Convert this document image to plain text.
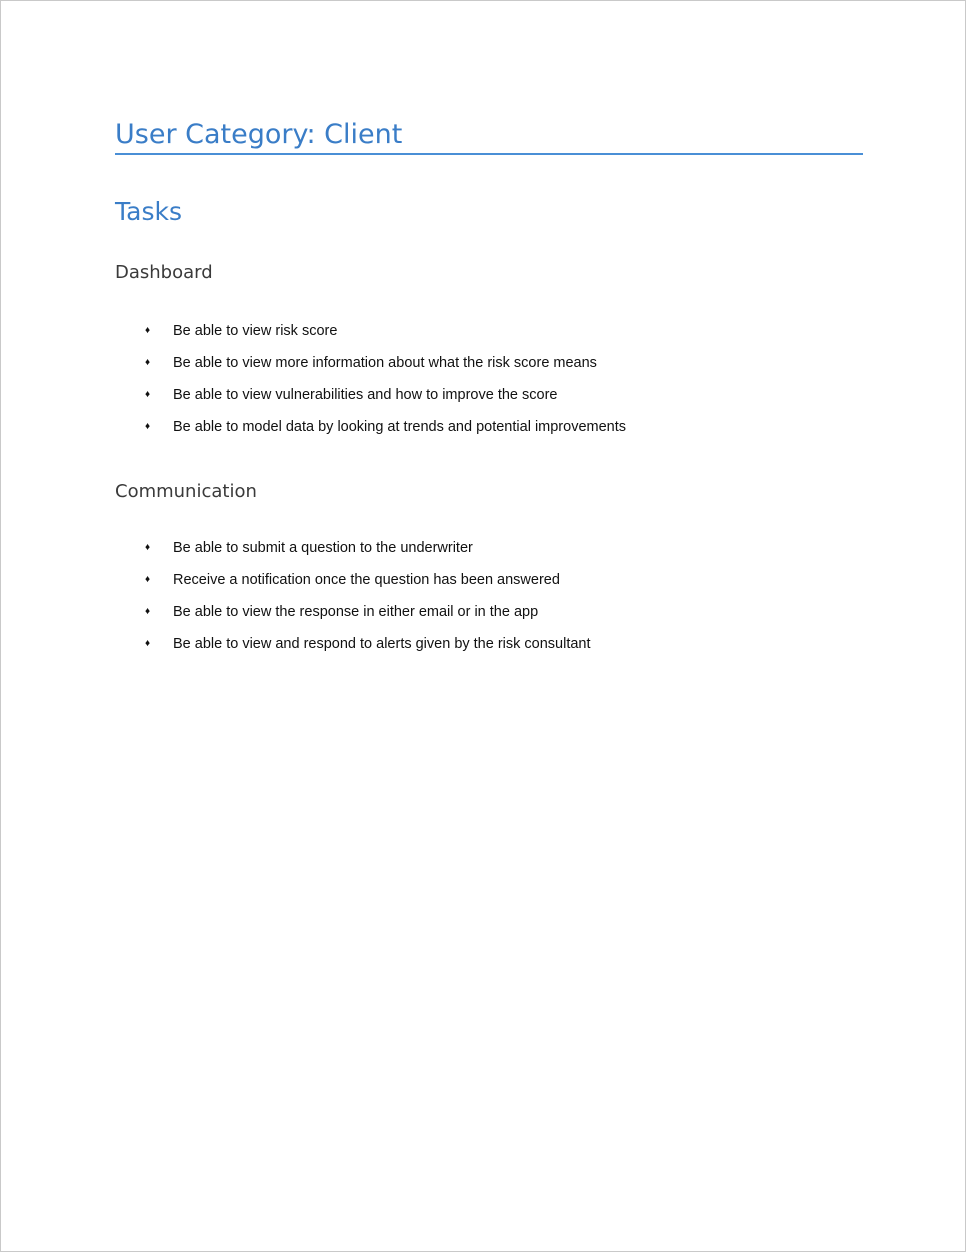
User Category: Client
Tasks
Dashboard
♦ Be able to view risk score
♦ Be able to view more information about what the risk score means
♦ Be able to view vulnerabilities and how to improve the score
♦ Be able to model data by looking at trends and potential improvements
Communication
♦ Be able to submit a question to the underwriter
♦ Receive a notification once the question has been answered
♦ Be able to view the response in either email or in the app
♦ Be able to view and respond to alerts given by the risk consultant
